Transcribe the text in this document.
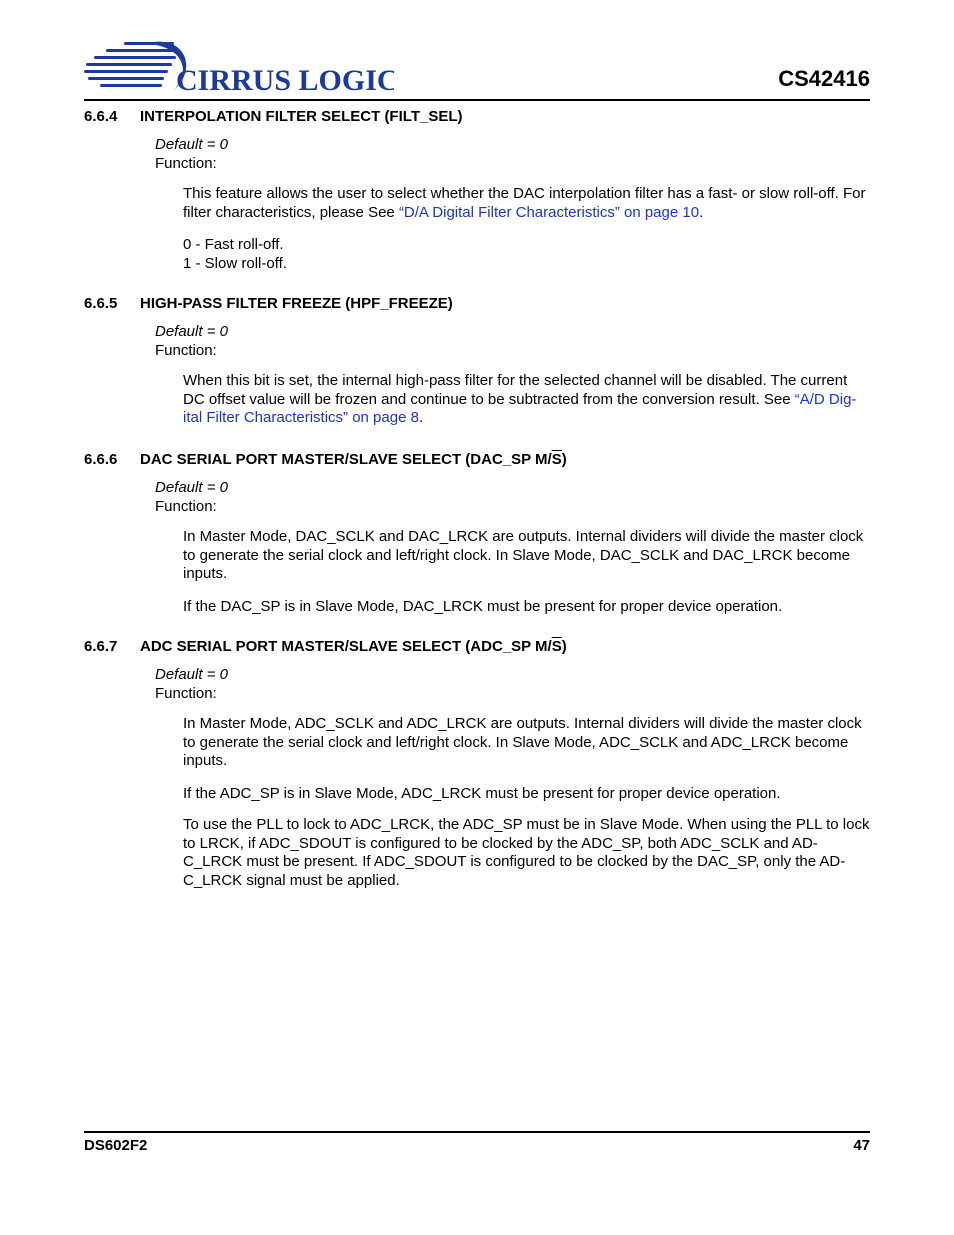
CIRRUS LOGIC	CS42416
6.6.4 INTERPOLATION FILTER SELECT (FILT_SEL)
Default = 0
Function:
This feature allows the user to select whether the DAC interpolation filter has a fast- or slow roll-off. For filter characteristics, please See “D/A Digital Filter Characteristics” on page 10.
0 - Fast roll-off.
1 - Slow roll-off.
6.6.5 HIGH-PASS FILTER FREEZE (HPF_FREEZE)
Default = 0
Function:
When this bit is set, the internal high-pass filter for the selected channel will be disabled. The current DC offset value will be frozen and continue to be subtracted from the conversion result. See “A/D Dig-ital Filter Characteristics” on page 8.
6.6.6 DAC SERIAL PORT MASTER/SLAVE SELECT (DAC_SP $M/\overline{S}$)
Default = 0
Function:
In Master Mode, DAC_SCLK and DAC_LRCK are outputs. Internal dividers will divide the master clock to generate the serial clock and left/right clock. In Slave Mode, DAC_SCLK and DAC_LRCK become inputs.
If the DAC_SP is in Slave Mode, DAC_LRCK must be present for proper device operation.
6.6.7 ADC SERIAL PORT MASTER/SLAVE SELECT (ADC_SP $M/\overline{S}$)
Default = 0
Function:
In Master Mode, ADC_SCLK and ADC_LRCK are outputs. Internal dividers will divide the master clock to generate the serial clock and left/right clock. In Slave Mode, ADC_SCLK and ADC_LRCK become inputs.
If the ADC_SP is in Slave Mode, ADC_LRCK must be present for proper device operation.
To use the PLL to lock to ADC_LRCK, the ADC_SP must be in Slave Mode. When using the PLL to lock to LRCK, if ADC_SDOUT is configured to be clocked by the ADC_SP, both ADC_SCLK and AD-C_LRCK must be present. If ADC_SDOUT is configured to be clocked by the DAC_SP, only the AD-C_LRCK signal must be applied.
DS602F2	47
